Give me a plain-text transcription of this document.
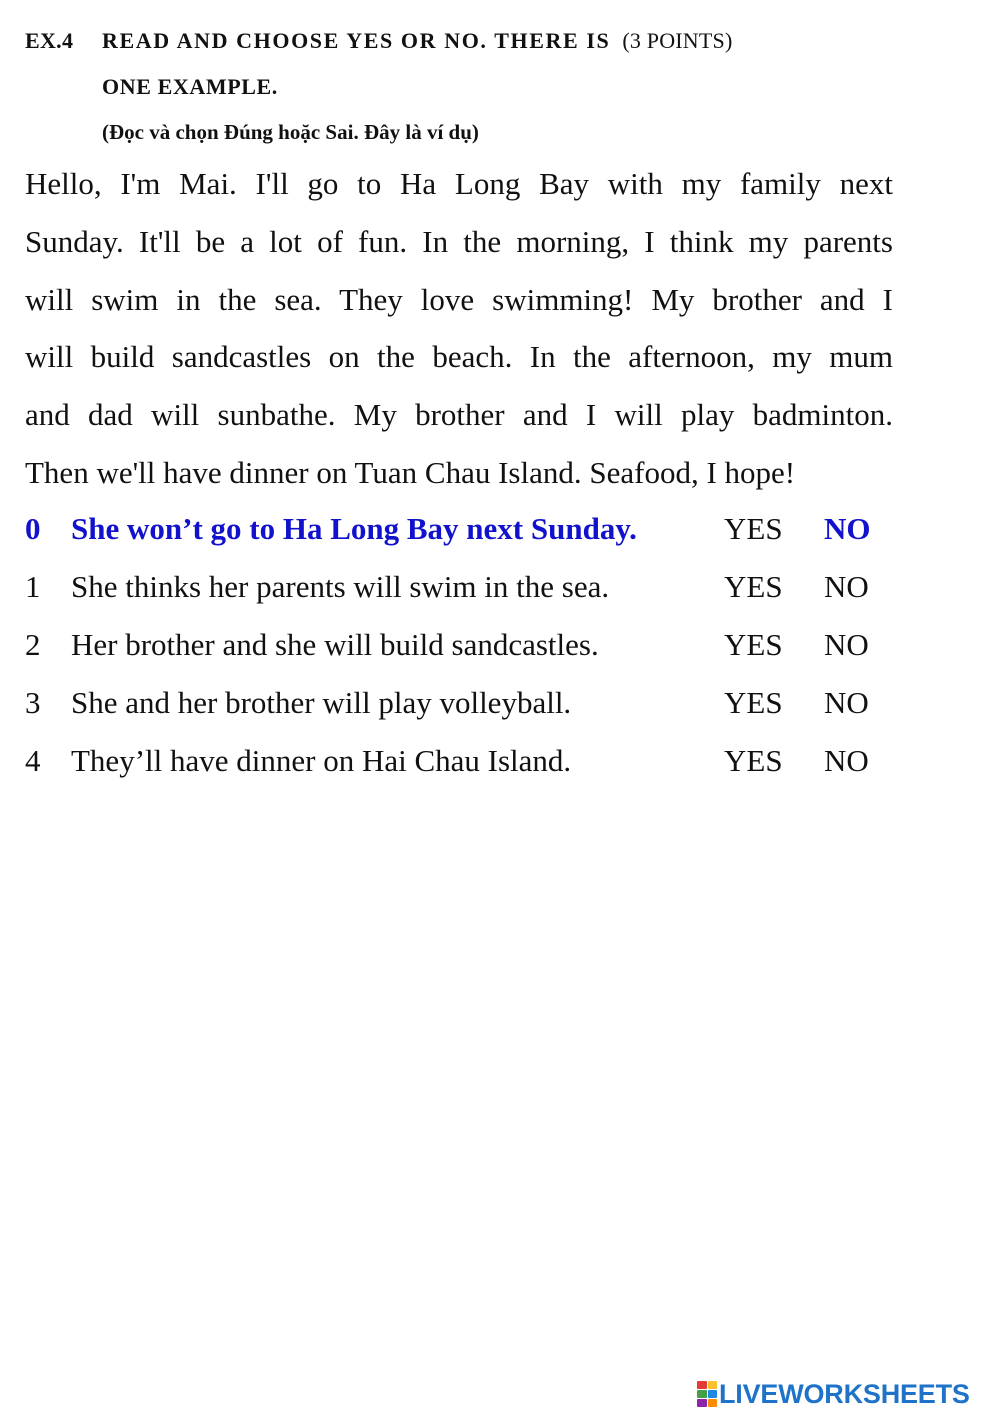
EX.4 READ AND CHOOSE YES OR NO. THERE IS (3 POINTS)
ONE EXAMPLE.
(Đọc và chọn Đúng hoặc Sai. Đây là ví dụ)
Hello, I'm Mai. I'll go to Ha Long Bay with my family next
Sunday. It'll be a lot of fun. In the morning, I think my parents
will swim in the sea. They love swimming! My brother and I
will build sandcastles on the beach. In the afternoon, my mum
and dad will sunbathe. My brother and I will play badminton.
Then we'll have dinner on Tuan Chau Island. Seafood, I hope!
0 She won’t go to Ha Long Bay next Sunday.	YES NO
1 She thinks her parents will swim in the sea.	YES NO
2 Her brother and she will build sandcastles.	YES NO
3 She and her brother will play volleyball.	YES NO
4 They’ll have dinner on Hai Chau Island.	YES NO
LIVEWORKSHEETS
